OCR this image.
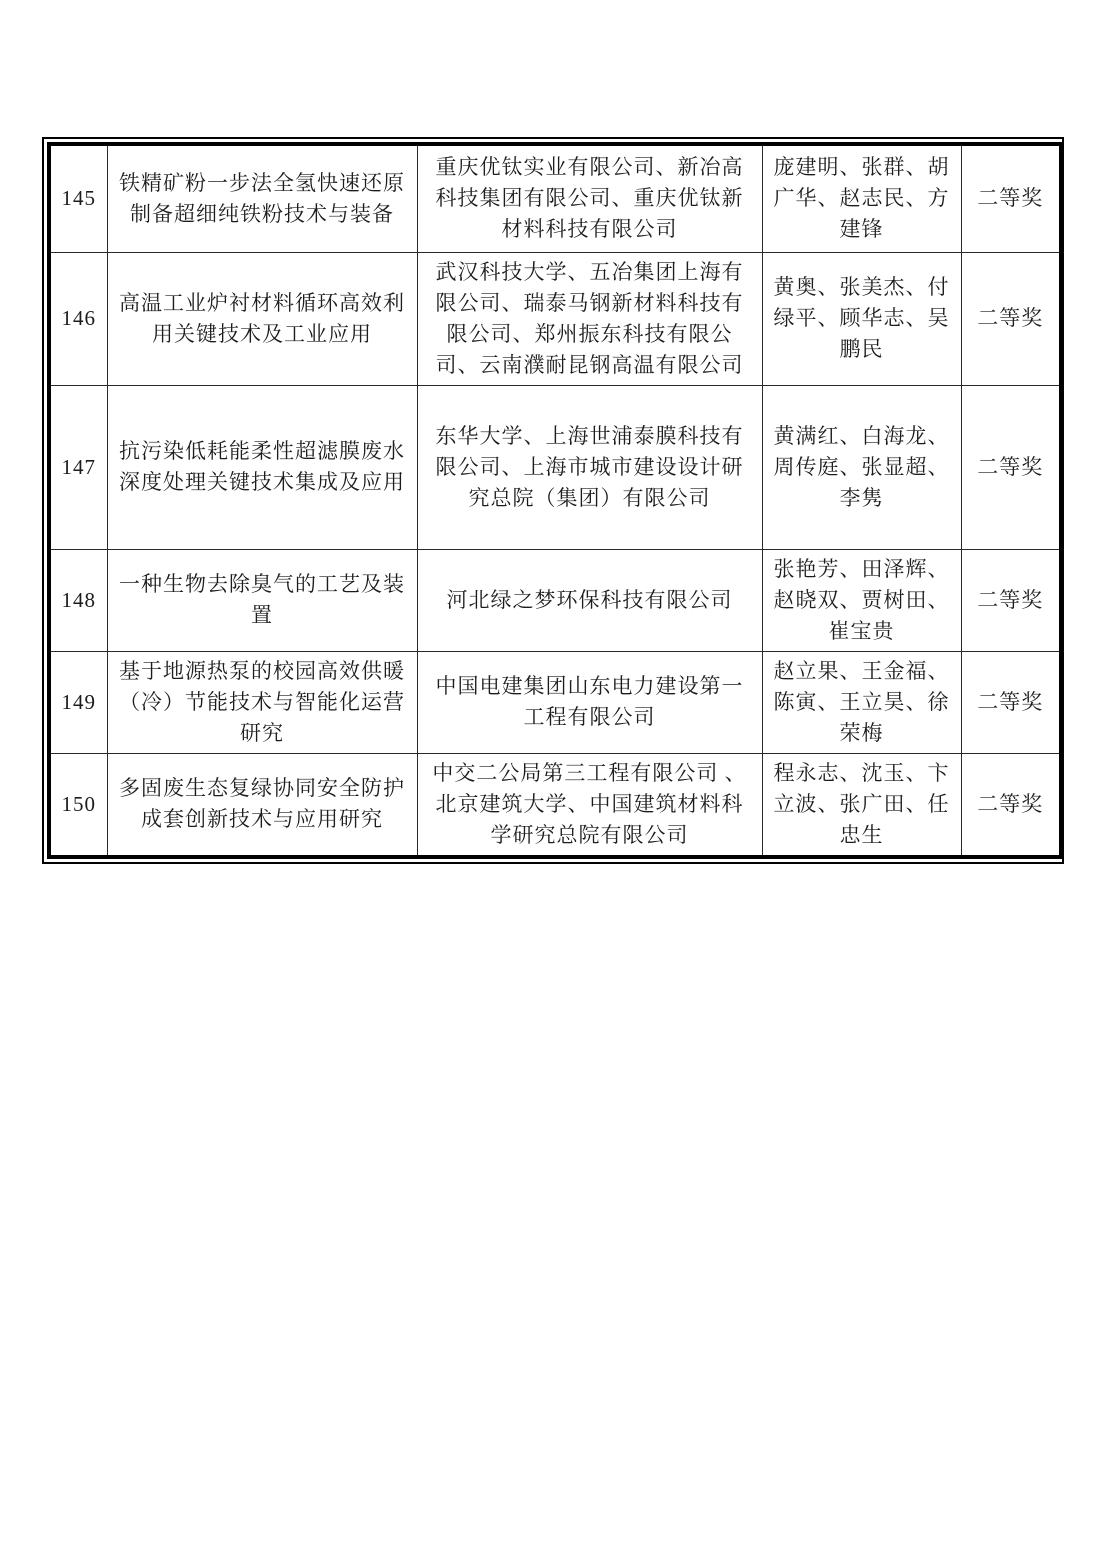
145	铁精矿粉一步法全氢快速还原制备超细纯铁粉技术与装备	重庆优钛实业有限公司、新冶高科技集团有限公司、重庆优钛新材料科技有限公司	庞建明、张群、胡广华、赵志民、方建锋	二等奖
146	高温工业炉衬材料循环高效利用关键技术及工业应用	武汉科技大学、五冶集团上海有限公司、瑞泰马钢新材料科技有限公司、郑州振东科技有限公司、云南濮耐昆钢高温有限公司	黄奥、张美杰、付绿平、顾华志、吴鹏民	二等奖
147	抗污染低耗能柔性超滤膜废水深度处理关键技术集成及应用	东华大学、上海世浦泰膜科技有限公司、上海市城市建设设计研究总院（集团）有限公司	黄满红、白海龙、周传庭、张显超、李隽	二等奖
148	一种生物去除臭气的工艺及装置	河北绿之梦环保科技有限公司	张艳芳、田泽辉、赵晓双、贾树田、崔宝贵	二等奖
149	基于地源热泵的校园高效供暖（冷）节能技术与智能化运营研究	中国电建集团山东电力建设第一工程有限公司	赵立果、王金福、陈寅、王立昊、徐荣梅	二等奖
150	多固废生态复绿协同安全防护成套创新技术与应用研究	中交二公局第三工程有限公司 、北京建筑大学、中国建筑材料科学研究总院有限公司	程永志、沈玉、卞立波、张广田、任忠生	二等奖
